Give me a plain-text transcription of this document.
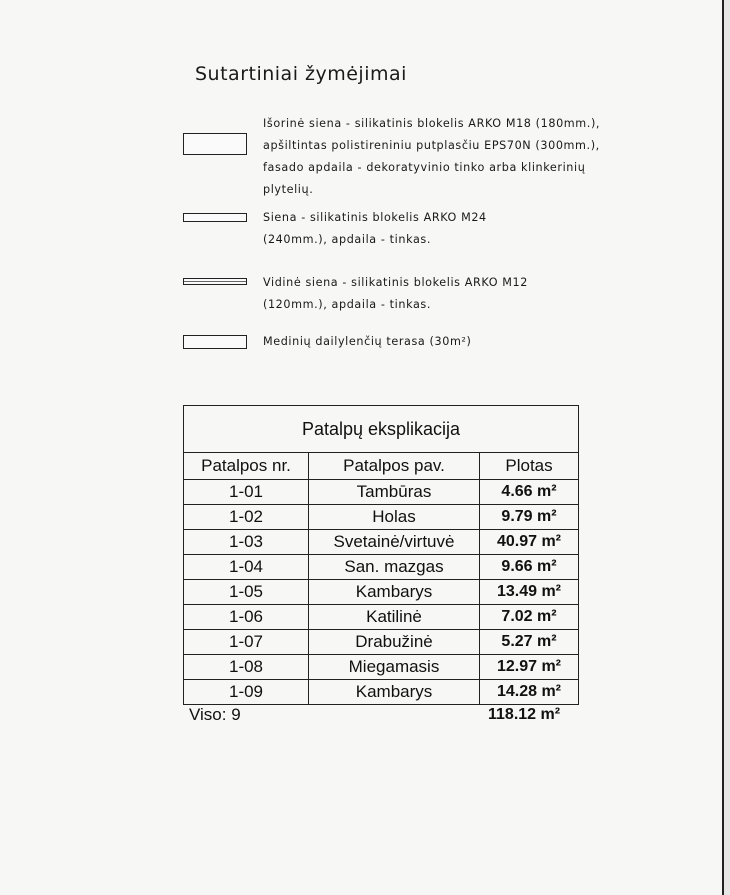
Sutartiniai žymėjimai
Išorinė siena - silikatinis blokelis ARKO M18 (180mm.),
apšiltintas polistireniniu putplasčiu EPS70N (300mm.),
fasado apdaila - dekoratyvinio tinko arba klinkerinių
plytelių.
Siena - silikatinis blokelis ARKO M24
(240mm.), apdaila - tinkas.
Vidinė siena - silikatinis blokelis ARKO M12
(120mm.), apdaila - tinkas.
Medinių dailylenčių terasa (30m²)
Patalpų eksplikacija		
Patalpos nr.	Patalpos pav.	Plotas
1-01	Tambūras	4.66 m²
1-02	Holas	9.79 m²
1-03	Svetainė/virtuvė	40.97 m²
1-04	San. mazgas	9.66 m²
1-05	Kambarys	13.49 m²
1-06	Katilinė	7.02 m²
1-07	Drabužinė	5.27 m²
1-08	Miegamasis	12.97 m²
1-09	Kambarys	14.28 m²
Viso: 9	118.12 m²
